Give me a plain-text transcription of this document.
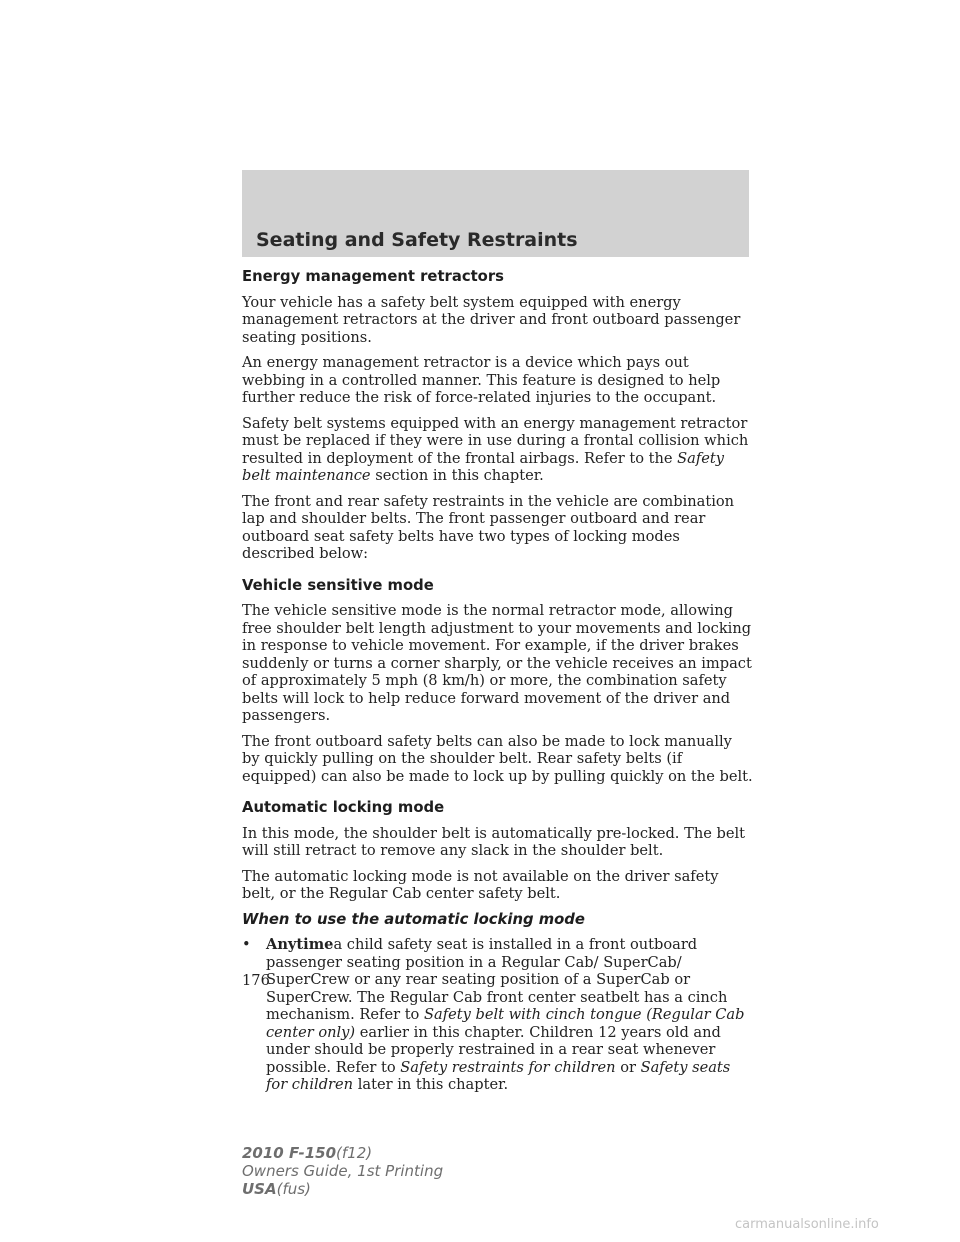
Seating and Safety Restraints
Energy management retractors

Your vehicle has a safety belt system equipped with energy management retractors at the driver and front outboard passenger seating positions.

An energy management retractor is a device which pays out webbing in a controlled manner. This feature is designed to help further reduce the risk of force-related injuries to the occupant.

Safety belt systems equipped with an energy management retractor must be replaced if they were in use during a frontal collision which resulted in deployment of the frontal airbags. Refer to the Safety belt maintenance section in this chapter.

The front and rear safety restraints in the vehicle are combination lap and shoulder belts. The front passenger outboard and rear outboard seat safety belts have two types of locking modes described below:

Vehicle sensitive mode

The vehicle sensitive mode is the normal retractor mode, allowing free shoulder belt length adjustment to your movements and locking in response to vehicle movement. For example, if the driver brakes suddenly or turns a corner sharply, or the vehicle receives an impact of approximately 5 mph (8 km/h) or more, the combination safety belts will lock to help reduce forward movement of the driver and passengers.

The front outboard safety belts can also be made to lock manually by quickly pulling on the shoulder belt. Rear safety belts (if equipped) can also be made to lock up by pulling quickly on the belt.

Automatic locking mode

In this mode, the shoulder belt is automatically pre-locked. The belt will still retract to remove any slack in the shoulder belt.

The automatic locking mode is not available on the driver safety belt, or the Regular Cab center safety belt.

When to use the automatic locking mode
• Anytimea child safety seat is installed in a front outboard passenger seating position in a Regular Cab/ SuperCab/ SuperCrew or any rear seating position of a SuperCab or SuperCrew. The Regular Cab front center seatbelt has a cinch mechanism. Refer to Safety belt with cinch tongue (Regular Cab center only) earlier in this chapter. Children 12 years old and under should be properly restrained in a rear seat whenever possible. Refer to Safety restraints for children or Safety seats for children later in this chapter.
176
2010 F-150(f12)
Owners Guide, 1st Printing
USA(fus)
carmanualsonline.info
